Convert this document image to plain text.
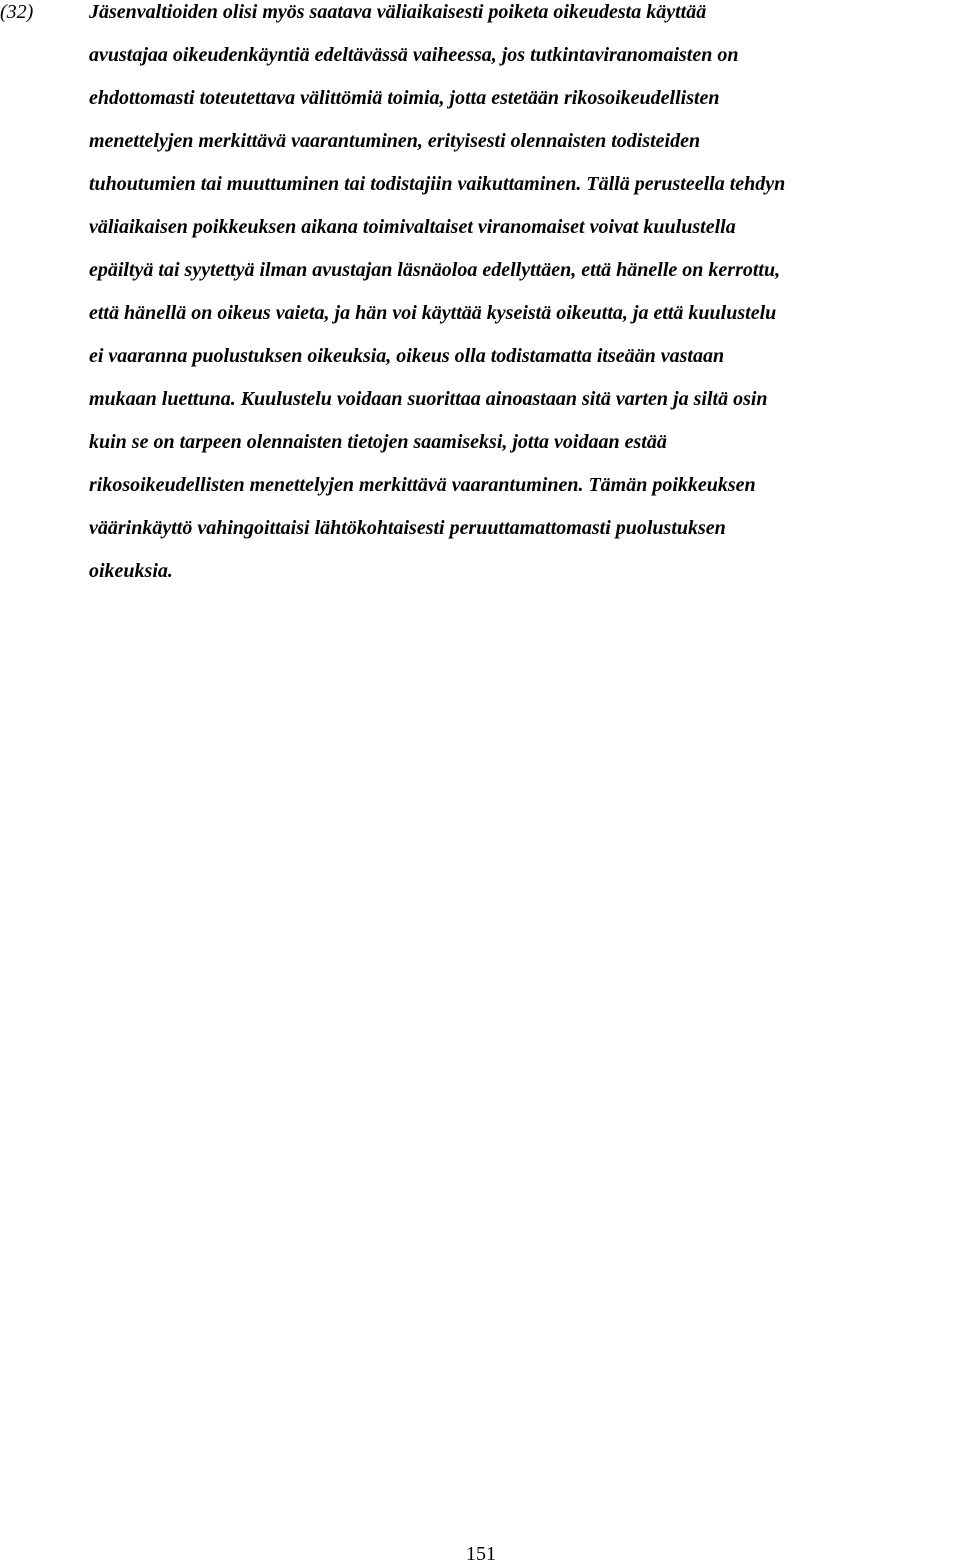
(32)	Jäsenvaltioiden olisi myös saatava väliaikaisesti poiketa oikeudesta käyttää
avustajaa oikeudenkäyntiä edeltävässä vaiheessa, jos tutkintaviranomaisten on
ehdottomasti toteutettava välittömiä toimia, jotta estetään rikosoikeudellisten
menettelyjen merkittävä vaarantuminen, erityisesti olennaisten todisteiden
tuhoutumien tai muuttuminen tai todistajiin vaikuttaminen. Tällä perusteella tehdyn
väliaikaisen poikkeuksen aikana toimivaltaiset viranomaiset voivat kuulustella
epäiltyä tai syytettyä ilman avustajan läsnäoloa edellyttäen, että hänelle on kerrottu,
että hänellä on oikeus vaieta, ja hän voi käyttää kyseistä oikeutta, ja että kuulustelu
ei vaaranna puolustuksen oikeuksia, oikeus olla todistamatta itseään vastaan
mukaan luettuna. Kuulustelu voidaan suorittaa ainoastaan sitä varten ja siltä osin
kuin se on tarpeen olennaisten tietojen saamiseksi, jotta voidaan estää
rikosoikeudellisten menettelyjen merkittävä vaarantuminen. Tämän poikkeuksen
väärinkäyttö vahingoittaisi lähtökohtaisesti peruuttamattomasti puolustuksen
oikeuksia.
151
